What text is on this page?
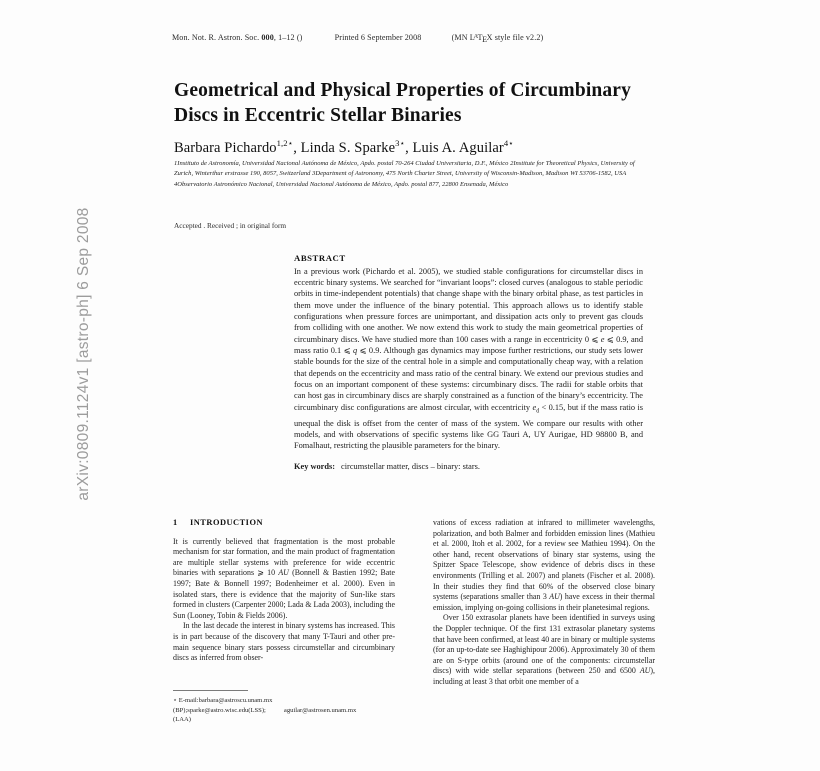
Mon. Not. R. Astron. Soc. 000, 1–12 ()	Printed 6 September 2008	(MN $L^ATEX$ style file v2.2)
arXiv:0809.1124v1 [astro-ph] 6 Sep 2008
Geometrical and Physical Properties of Circumbinary Discs in Eccentric Stellar Binaries
Barbara Pichardo$^{1,2⋆}$, Linda S. Sparke$^{3⋆}$, Luis A. Aguilar$^{4⋆}$
1Instituto de Astronomía, Universidad Nacional Autónoma de México, Apdo. postal 70-264 Ciudad Universitaria, D.F., México 2Institute for Theoretical Physics, University of Zurich, Winterthur erstrasse 190, 8057, Switzerland 3Department of Astronomy, 475 North Charter Street, University of Wisconsin-Madison, Madison WI 53706-1582, USA 4Observatorio Astronómico Nacional, Universidad Nacional Autónoma de México, Apdo. postal 877, 22800 Ensenada, México
Accepted . Received ; in original form
ABSTRACT
In a previous work (Pichardo et al. 2005), we studied stable configurations for circumstellar discs in eccentric binary systems. We searched for “invariant loops”: closed curves (analogous to stable periodic orbits in time-independent potentials) that change shape with the binary orbital phase, as test particles in them move under the influence of the binary potential. This approach allows us to identify stable configurations when pressure forces are unimportant, and dissipation acts only to prevent gas clouds from colliding with one another. We now extend this work to study the main geometrical properties of circumbinary discs. We have studied more than 100 cases with a range in eccentricity 0 ⩽ e ⩽ 0.9, and mass ratio 0.1 ⩽ q ⩽ 0.9. Although gas dynamics may impose further restrictions, our study sets lower stable bounds for the size of the central hole in a simple and computationally cheap way, with a relation that depends on the eccentricity and mass ratio of the central binary. We extend our previous studies and focus on an important component of these systems: circumbinary discs. The radii for stable orbits that can host gas in circumbinary discs are sharply constrained as a function of the binary’s eccentricity. The circumbinary disc configurations are almost circular, with eccentricity $e_d < 0.15$, but if the mass ratio is unequal the disk is offset from the center of mass of the system. We compare our results with other models, and with observations of specific systems like GG Tauri A, UY Aurigae, HD 98800 B, and Fomalhaut, restricting the plausible parameters for the binary.
Key words: circumstellar matter, discs – binary: stars.
1 INTRODUCTION

It is currently believed that fragmentation is the most probable mechanism for star formation, and the main product of fragmentation are multiple stellar systems with preference for wide eccentric binaries with separations ⩾ 10 AU (Bonnell & Bastien 1992; Bate 1997; Bate & Bonnell 1997; Bodenheimer et al. 2000). Even in isolated stars, there is evidence that the majority of Sun-like stars formed in clusters (Carpenter 2000; Lada & Lada 2003), including the Sun (Looney, Tobin & Fields 2006).

In the last decade the interest in binary systems has increased. This is in part because of the discovery that many T-Tauri and other pre-main sequence binary stars possess circumstellar and circumbinary discs as inferred from obser-

vations of excess radiation at infrared to millimeter wavelengths, polarization, and both Balmer and forbidden emission lines (Mathieu et al. 2000, Itoh et al. 2002, for a review see Mathieu 1994). On the other hand, recent observations of binary star systems, using the Spitzer Space Telescope, show evidence of debris discs in these environments (Trilling et al. 2007) and planets (Fischer et al. 2008). In their studies they find that 60% of the observed close binary systems (separations smaller than 3 AU) have excess in their thermal emission, implying on-going collisions in their planetesimal regions.

Over 150 extrasolar planets have been identified in surveys using the Doppler technique. Of the first 131 extrasolar planetary systems that have been confirmed, at least 40 are in binary or multiple systems (for an up-to-date see Haghighipour 2006). Approximately 30 of them are on S-type orbits (around one of the components: circumstellar discs) with wide stellar separations (between 250 and 6500 AU), including at least 3 that orbit one member of a

⋆ E-mail:barbara@astroscu.unam.mx
(BP);sparke@astro.wisc.edu(LSS);	aguilar@astrosen.unam.mx
(LAA)
